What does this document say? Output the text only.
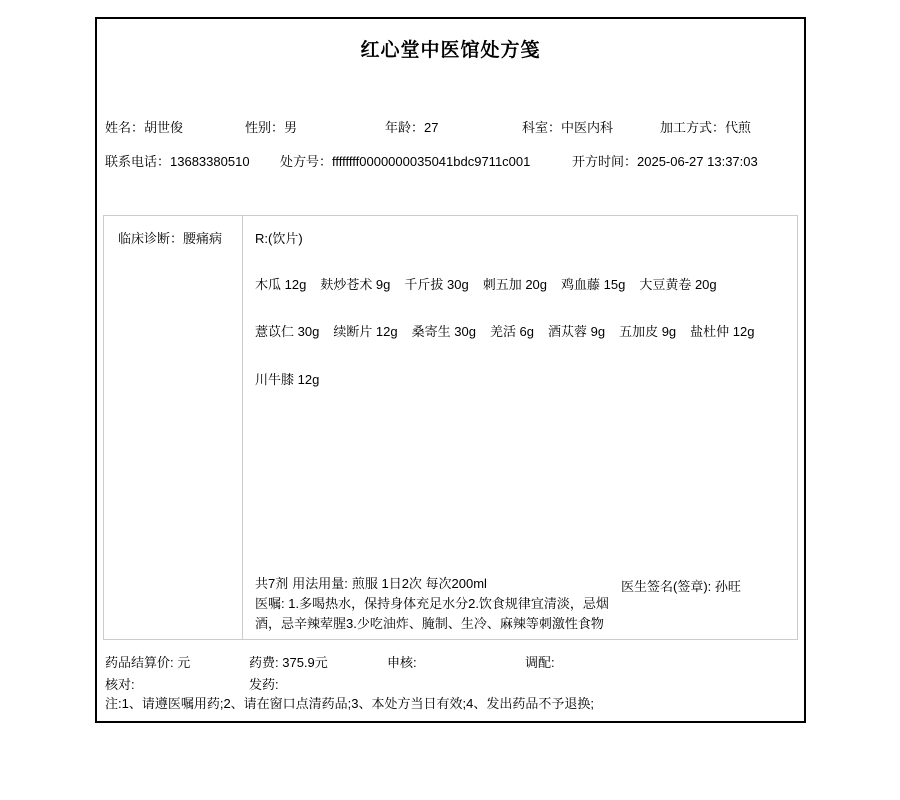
红心堂中医馆处方笺
姓名：胡世俊	性别：男	年龄：27	科室：中医内科	加工方式：代煎
联系电话：13683380510 处方号：ffffffff0000000035041bdc9711c001	开方时间：2025-06-27 13:37:03
临床诊断：腰痛病	R:(饮片)
木瓜 12g 麸炒苍术 9g 千斤拔 30g 刺五加 20g 鸡血藤 15g 大豆黄卷 20g
薏苡仁 30g 续断片 12g 桑寄生 30g 羌活 6g 酒苁蓉 9g 五加皮 9g 盐杜仲 12g
川牛膝 12g
共7剂 用法用量: 煎服 1日2次 每次200ml
医嘱: 1.多喝热水，保持身体充足水分2.饮食规律宜清淡，忌烟酒，忌辛辣荤腥3.少吃油炸、腌制、生冷、麻辣等刺激性食物
医生签名(签章): 孙旺
药品结算价: 元	药费: 375.9元	申核:	调配:
核对:	发药:
注:1、请遵医嘱用药;2、请在窗口点清药品;3、本处方当日有效;4、发出药品不予退换;
